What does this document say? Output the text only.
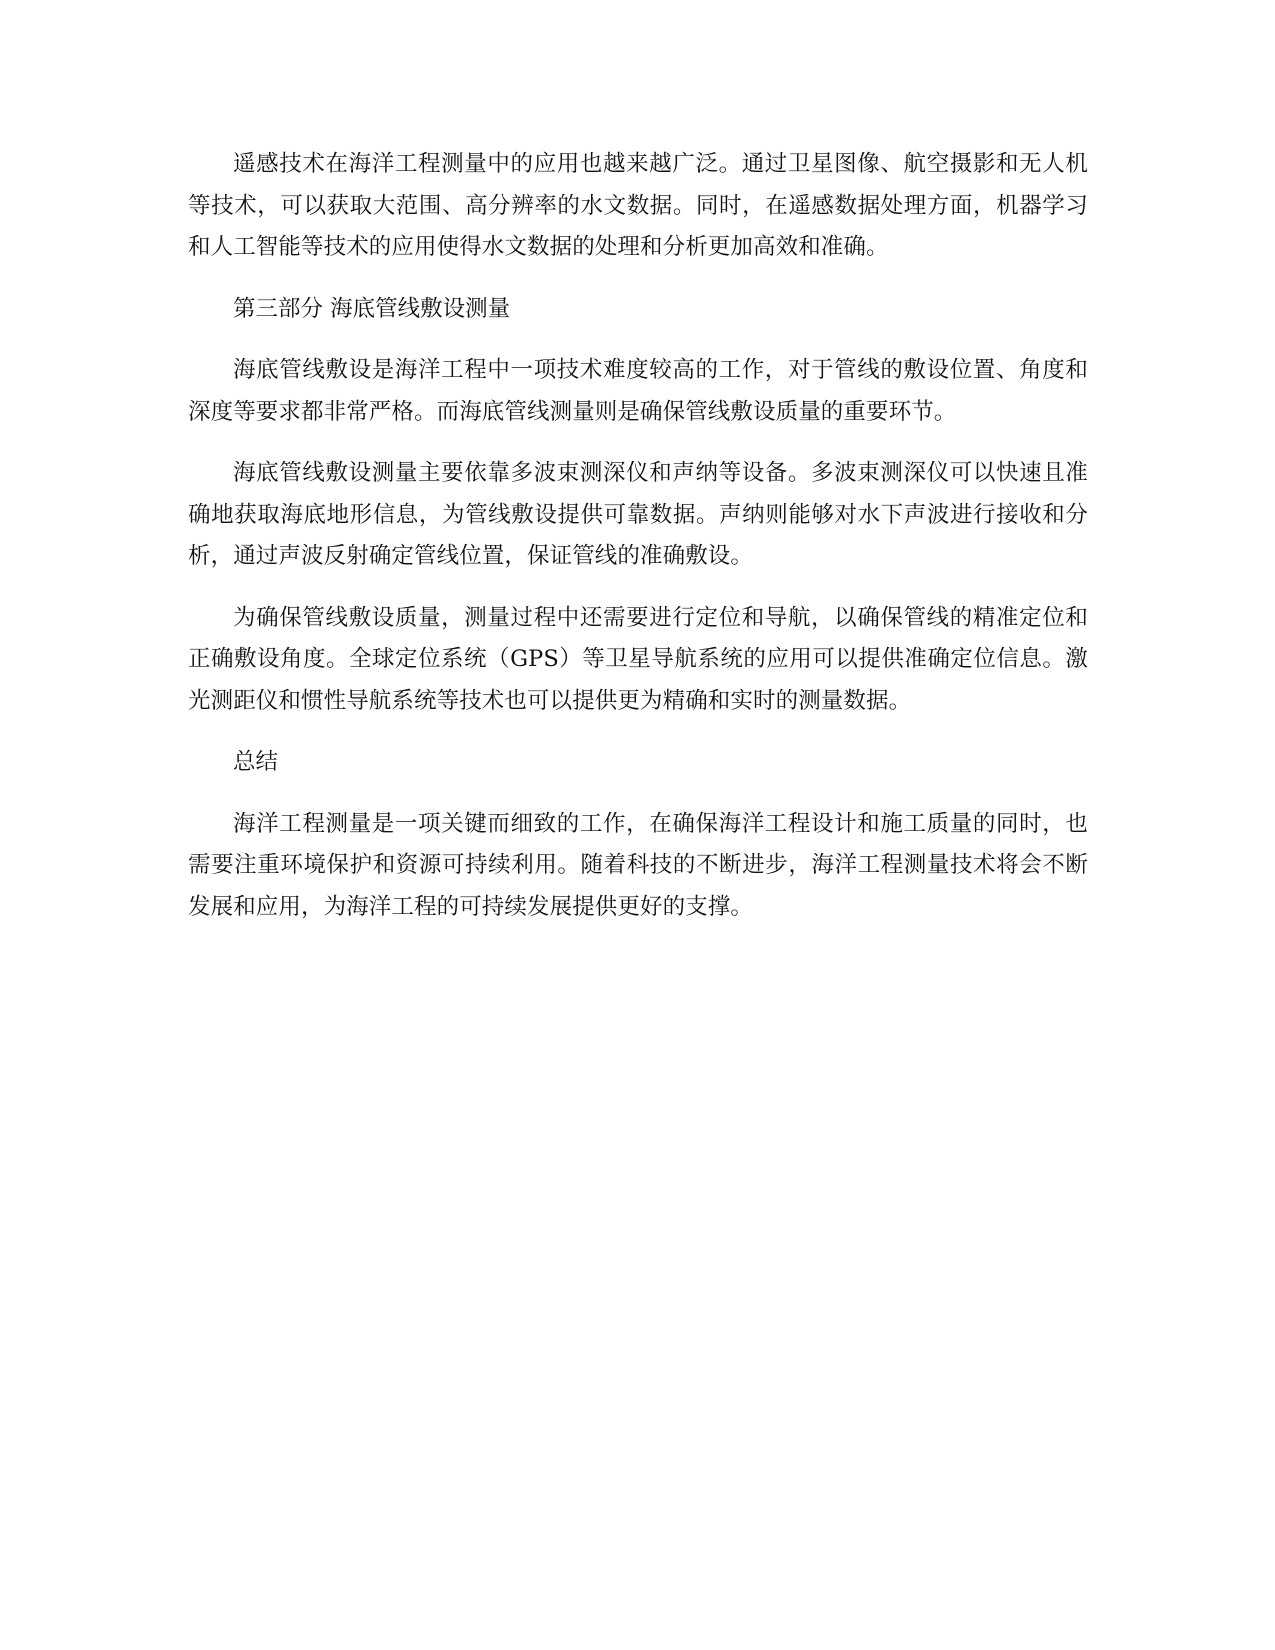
遥感技术在海洋工程测量中的应用也越来越广泛。通过卫星图像、航空摄影和无人机等技术，可以获取大范围、高分辨率的水文数据。同时，在遥感数据处理方面，机器学习和人工智能等技术的应用使得水文数据的处理和分析更加高效和准确。

第三部分 海底管线敷设测量

海底管线敷设是海洋工程中一项技术难度较高的工作，对于管线的敷设位置、角度和深度等要求都非常严格。而海底管线测量则是确保管线敷设质量的重要环节。

海底管线敷设测量主要依靠多波束测深仪和声纳等设备。多波束测深仪可以快速且准确地获取海底地形信息，为管线敷设提供可靠数据。声纳则能够对水下声波进行接收和分析，通过声波反射确定管线位置，保证管线的准确敷设。

为确保管线敷设质量，测量过程中还需要进行定位和导航，以确保管线的精准定位和正确敷设角度。全球定位系统（GPS）等卫星导航系统的应用可以提供准确定位信息。激光测距仪和惯性导航系统等技术也可以提供更为精确和实时的测量数据。

总结

海洋工程测量是一项关键而细致的工作，在确保海洋工程设计和施工质量的同时，也需要注重环境保护和资源可持续利用。随着科技的不断进步，海洋工程测量技术将会不断发展和应用，为海洋工程的可持续发展提供更好的支撑。
